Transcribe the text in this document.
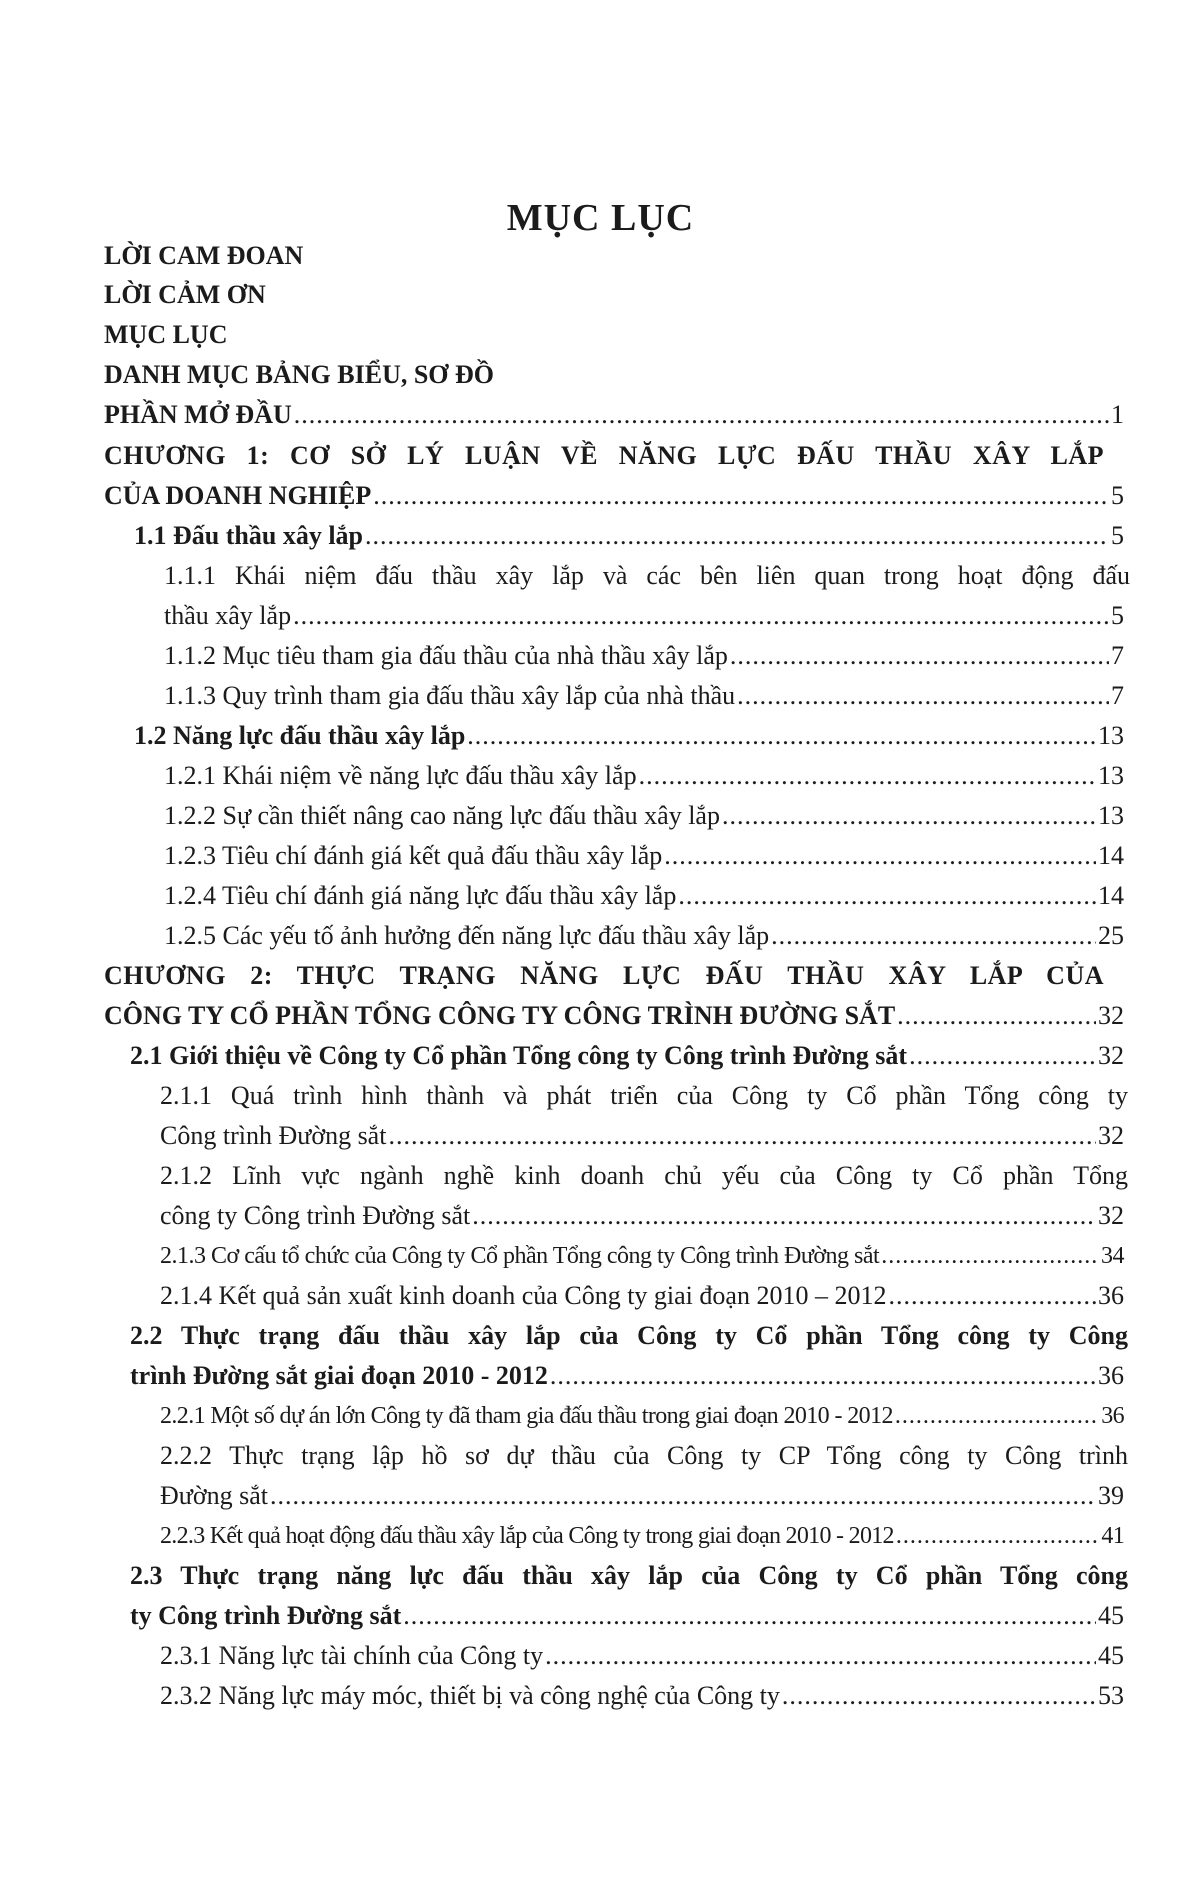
MỤC LỤC
LỜI CAM ĐOAN
LỜI CẢM ƠN
MỤC LỤC
DANH MỤC BẢNG BIỂU, SƠ ĐỒ
PHẦN MỞ ĐẦU .....	1
CHƯƠNG 1: CƠ SỞ LÝ LUẬN VỀ NĂNG LỰC ĐẤU THẦU XÂY LẮP
CỦA DOANH NGHIỆP .....	5
1.1 Đấu thầu xây lắp .....	5
1.1.1 Khái niệm đấu thầu xây lắp và các bên liên quan trong hoạt động đấu
thầu xây lắp .....	5
1.1.2 Mục tiêu tham gia đấu thầu của nhà thầu xây lắp .....	7
1.1.3 Quy trình tham gia đấu thầu xây lắp của nhà thầu .....	7
1.2 Năng lực đấu thầu xây lắp .....	13
1.2.1 Khái niệm về năng lực đấu thầu xây lắp .....	13
1.2.2 Sự cần thiết nâng cao năng lực đấu thầu xây lắp .....	13
1.2.3 Tiêu chí đánh giá kết quả đấu thầu xây lắp .....	14
1.2.4 Tiêu chí đánh giá năng lực đấu thầu xây lắp .....	14
1.2.5 Các yếu tố ảnh hưởng đến năng lực đấu thầu xây lắp .....	25
CHƯƠNG 2: THỰC TRẠNG NĂNG LỰC ĐẤU THẦU XÂY LẮP CỦA
CÔNG TY CỔ PHẦN TỔNG CÔNG TY CÔNG TRÌNH ĐƯỜNG SẮT .....	32
2.1 Giới thiệu về Công ty Cổ phần Tổng công ty Công trình Đường sắt .....	32
2.1.1 Quá trình hình thành và phát triển của Công ty Cổ phần Tổng công ty
Công trình Đường sắt .....	32
2.1.2 Lĩnh vực ngành nghề kinh doanh chủ yếu của Công ty Cổ phần Tổng
công ty Công trình Đường sắt .....	32
2.1.3 Cơ cấu tổ chức của Công ty Cổ phần Tổng công ty Công trình Đường sắt .....	34
2.1.4 Kết quả sản xuất kinh doanh của Công ty giai đoạn 2010 – 2012 .....	36
2.2 Thực trạng đấu thầu xây lắp của Công ty Cổ phần Tổng công ty Công
trình Đường sắt giai đoạn 2010 - 2012 .....	36
2.2.1 Một số dự án lớn Công ty đã tham gia đấu thầu trong giai đoạn 2010 - 2012 .....	36
2.2.2 Thực trạng lập hồ sơ dự thầu của Công ty CP Tổng công ty Công trình
Đường sắt .....	39
2.2.3 Kết quả hoạt động đấu thầu xây lắp của Công ty trong giai đoạn 2010 - 2012 .....	41
2.3 Thực trạng năng lực đấu thầu xây lắp của Công ty Cổ phần Tổng công
ty Công trình Đường sắt .....	45
2.3.1 Năng lực tài chính của Công ty .....	45
2.3.2 Năng lực máy móc, thiết bị và công nghệ của Công ty .....	53
